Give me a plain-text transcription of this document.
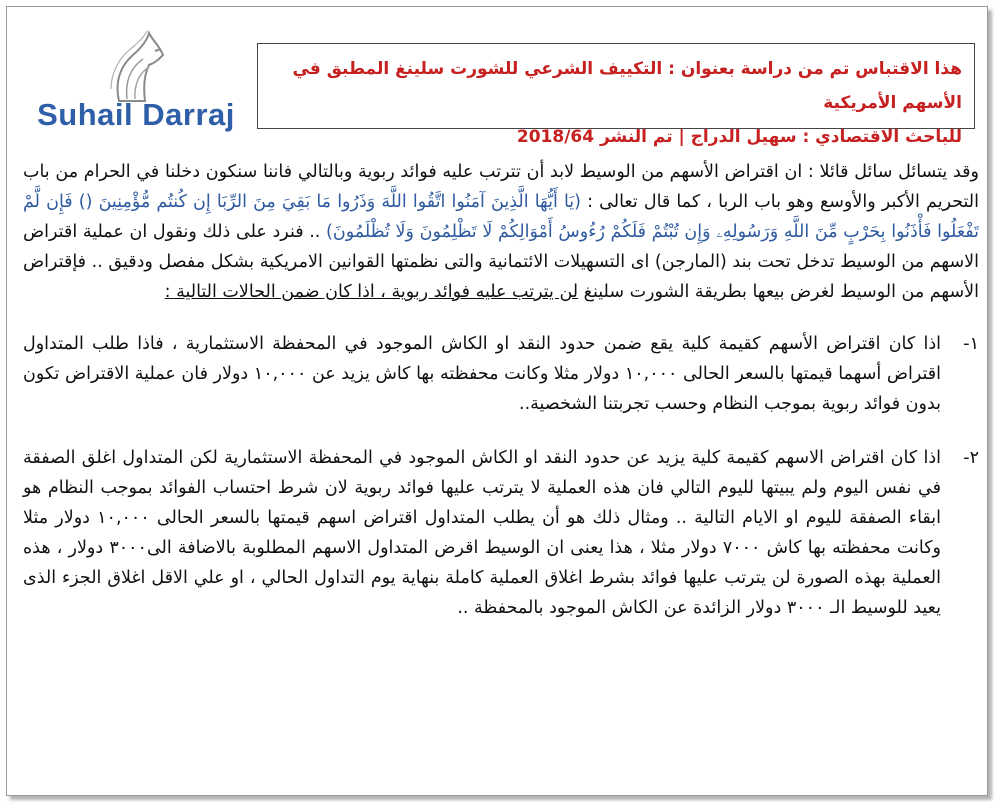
Suhail Darraj
هذا الاقتباس تم من دراسة بعنوان : التكييف الشرعي للشورت سلينغ المطبق في الأسهم الأمريكية
للباحث الاقتصادي : سهيل الدراج | تم النشر 2018/64

وقد يتسائل سائل قائلا : ان اقتراض الأسهم من الوسيط لابد أن تترتب عليه فوائد ربوية وبالتالي فاننا سنكون دخلنا في الحرام من باب التحريم الأكبر والأوسع وهو باب الربا ، كما قال تعالى : (يَا أَيُّهَا الَّذِينَ آمَنُوا اتَّقُوا اللَّهَ وَذَرُوا مَا بَقِيَ مِنَ الرِّبَا إِن كُنتُم مُّؤْمِنِينَ () فَإِن لَّمْ تَفْعَلُوا فَأْذَنُوا بِحَرْبٍ مِّنَ اللَّهِ وَرَسُولِهِۦ وَإِن تُبْتُمْ فَلَكُمْ رُءُوسُ أَمْوَالِكُمْ لَا تَظْلِمُونَ وَلَا تُظْلَمُونَ) .. فنرد على ذلك ونقول ان عملية اقتراض الاسهم من الوسيط تدخل تحت بند (المارجن) اى التسهيلات الائتمانية والتى نظمتها القوانين الامريكية بشكل مفصل ودقيق .. فإقتراض الأسهم من الوسيط لغرض بيعها بطريقة الشورت سلينغ لن يترتب عليه فوائد ربوية ، اذا كان ضمن الحالات التالية :

١-
اذا كان اقتراض الأسهم كقيمة كلية يقع ضمن حدود النقد او الكاش الموجود في المحفظة الاستثمارية ، فاذا طلب المتداول اقتراض أسهما قيمتها بالسعر الحالى ١٠,٠٠٠ دولار مثلا وكانت محفظته بها كاش يزيد عن ١٠,٠٠٠ دولار فان عملية الاقتراض تكون بدون فوائد ربوية بموجب النظام وحسب تجربتنا الشخصية..

٢-
اذا كان اقتراض الاسهم كقيمة كلية يزيد عن حدود النقد او الكاش الموجود في المحفظة الاستثمارية لكن المتداول اغلق الصفقة في نفس اليوم ولم يبيتها لليوم التالي فان هذه العملية لا يترتب عليها فوائد ربوية لان شرط احتساب الفوائد بموجب النظام هو ابقاء الصفقة لليوم او الايام التالية .. ومثال ذلك هو أن يطلب المتداول اقتراض اسهم قيمتها بالسعر الحالى ١٠,٠٠٠ دولار مثلا وكانت محفظته بها كاش ٧٠٠٠ دولار مثلا ، هذا يعنى ان الوسيط اقرض المتداول الاسهم المطلوبة بالاضافة الى٣٠٠٠ دولار ، هذه العملية بهذه الصورة لن يترتب عليها فوائد بشرط اغلاق العملية كاملة بنهاية يوم التداول الحالي ، او علي الاقل اغلاق الجزء الذى يعيد للوسيط الـ ٣٠٠٠ دولار الزائدة عن الكاش الموجود بالمحفظة ..
